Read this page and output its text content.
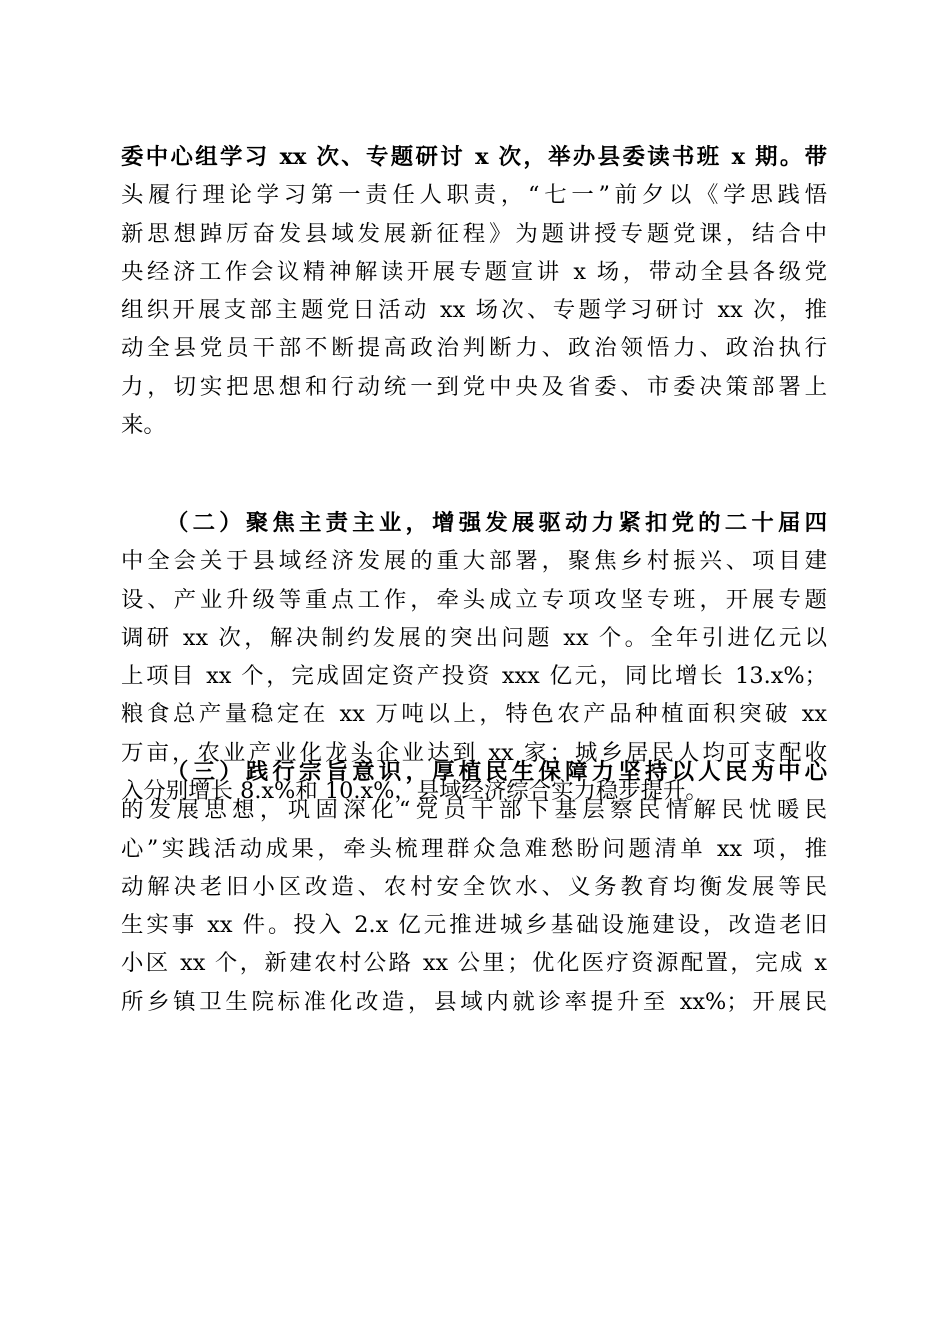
委中心组学习 xx 次、专题研讨 x 次，举办县委读书班 x 期。带
头履行理论学习第一责任人职责，“七一”前夕以《学思践悟
新思想踔厉奋发县域发展新征程》为题讲授专题党课，结合中
央经济工作会议精神解读开展专题宣讲 x 场，带动全县各级党
组织开展支部主题党日活动 xx 场次、专题学习研讨 xx 次，推
动全县党员干部不断提高政治判断力、政治领悟力、政治执行
力，切实把思想和行动统一到党中央及省委、市委决策部署上
来。
（二）聚焦主责主业，增强发展驱动力紧扣党的二十届四
中全会关于县域经济发展的重大部署，聚焦乡村振兴、项目建
设、产业升级等重点工作，牵头成立专项攻坚专班，开展专题
调研 xx 次，解决制约发展的突出问题 xx 个。全年引进亿元以
上项目 xx 个，完成固定资产投资 xxx 亿元，同比增长 13.x%；
粮食总产量稳定在 xx 万吨以上，特色农产品种植面积突破 xx
万亩，农业产业化龙头企业达到 xx 家；城乡居民人均可支配收
入分别增长 8.x%和 10.x%，县域经济综合实力稳步提升。
（三）践行宗旨意识，厚植民生保障力坚持以人民为中心
的发展思想，巩固深化“党员干部下基层察民情解民忧暖民
心”实践活动成果，牵头梳理群众急难愁盼问题清单 xx 项，推
动解决老旧小区改造、农村安全饮水、义务教育均衡发展等民
生实事 xx 件。投入 2.x 亿元推进城乡基础设施建设，改造老旧
小区 xx 个，新建农村公路 xx 公里；优化医疗资源配置，完成 x
所乡镇卫生院标准化改造，县域内就诊率提升至 xx%；开展民
